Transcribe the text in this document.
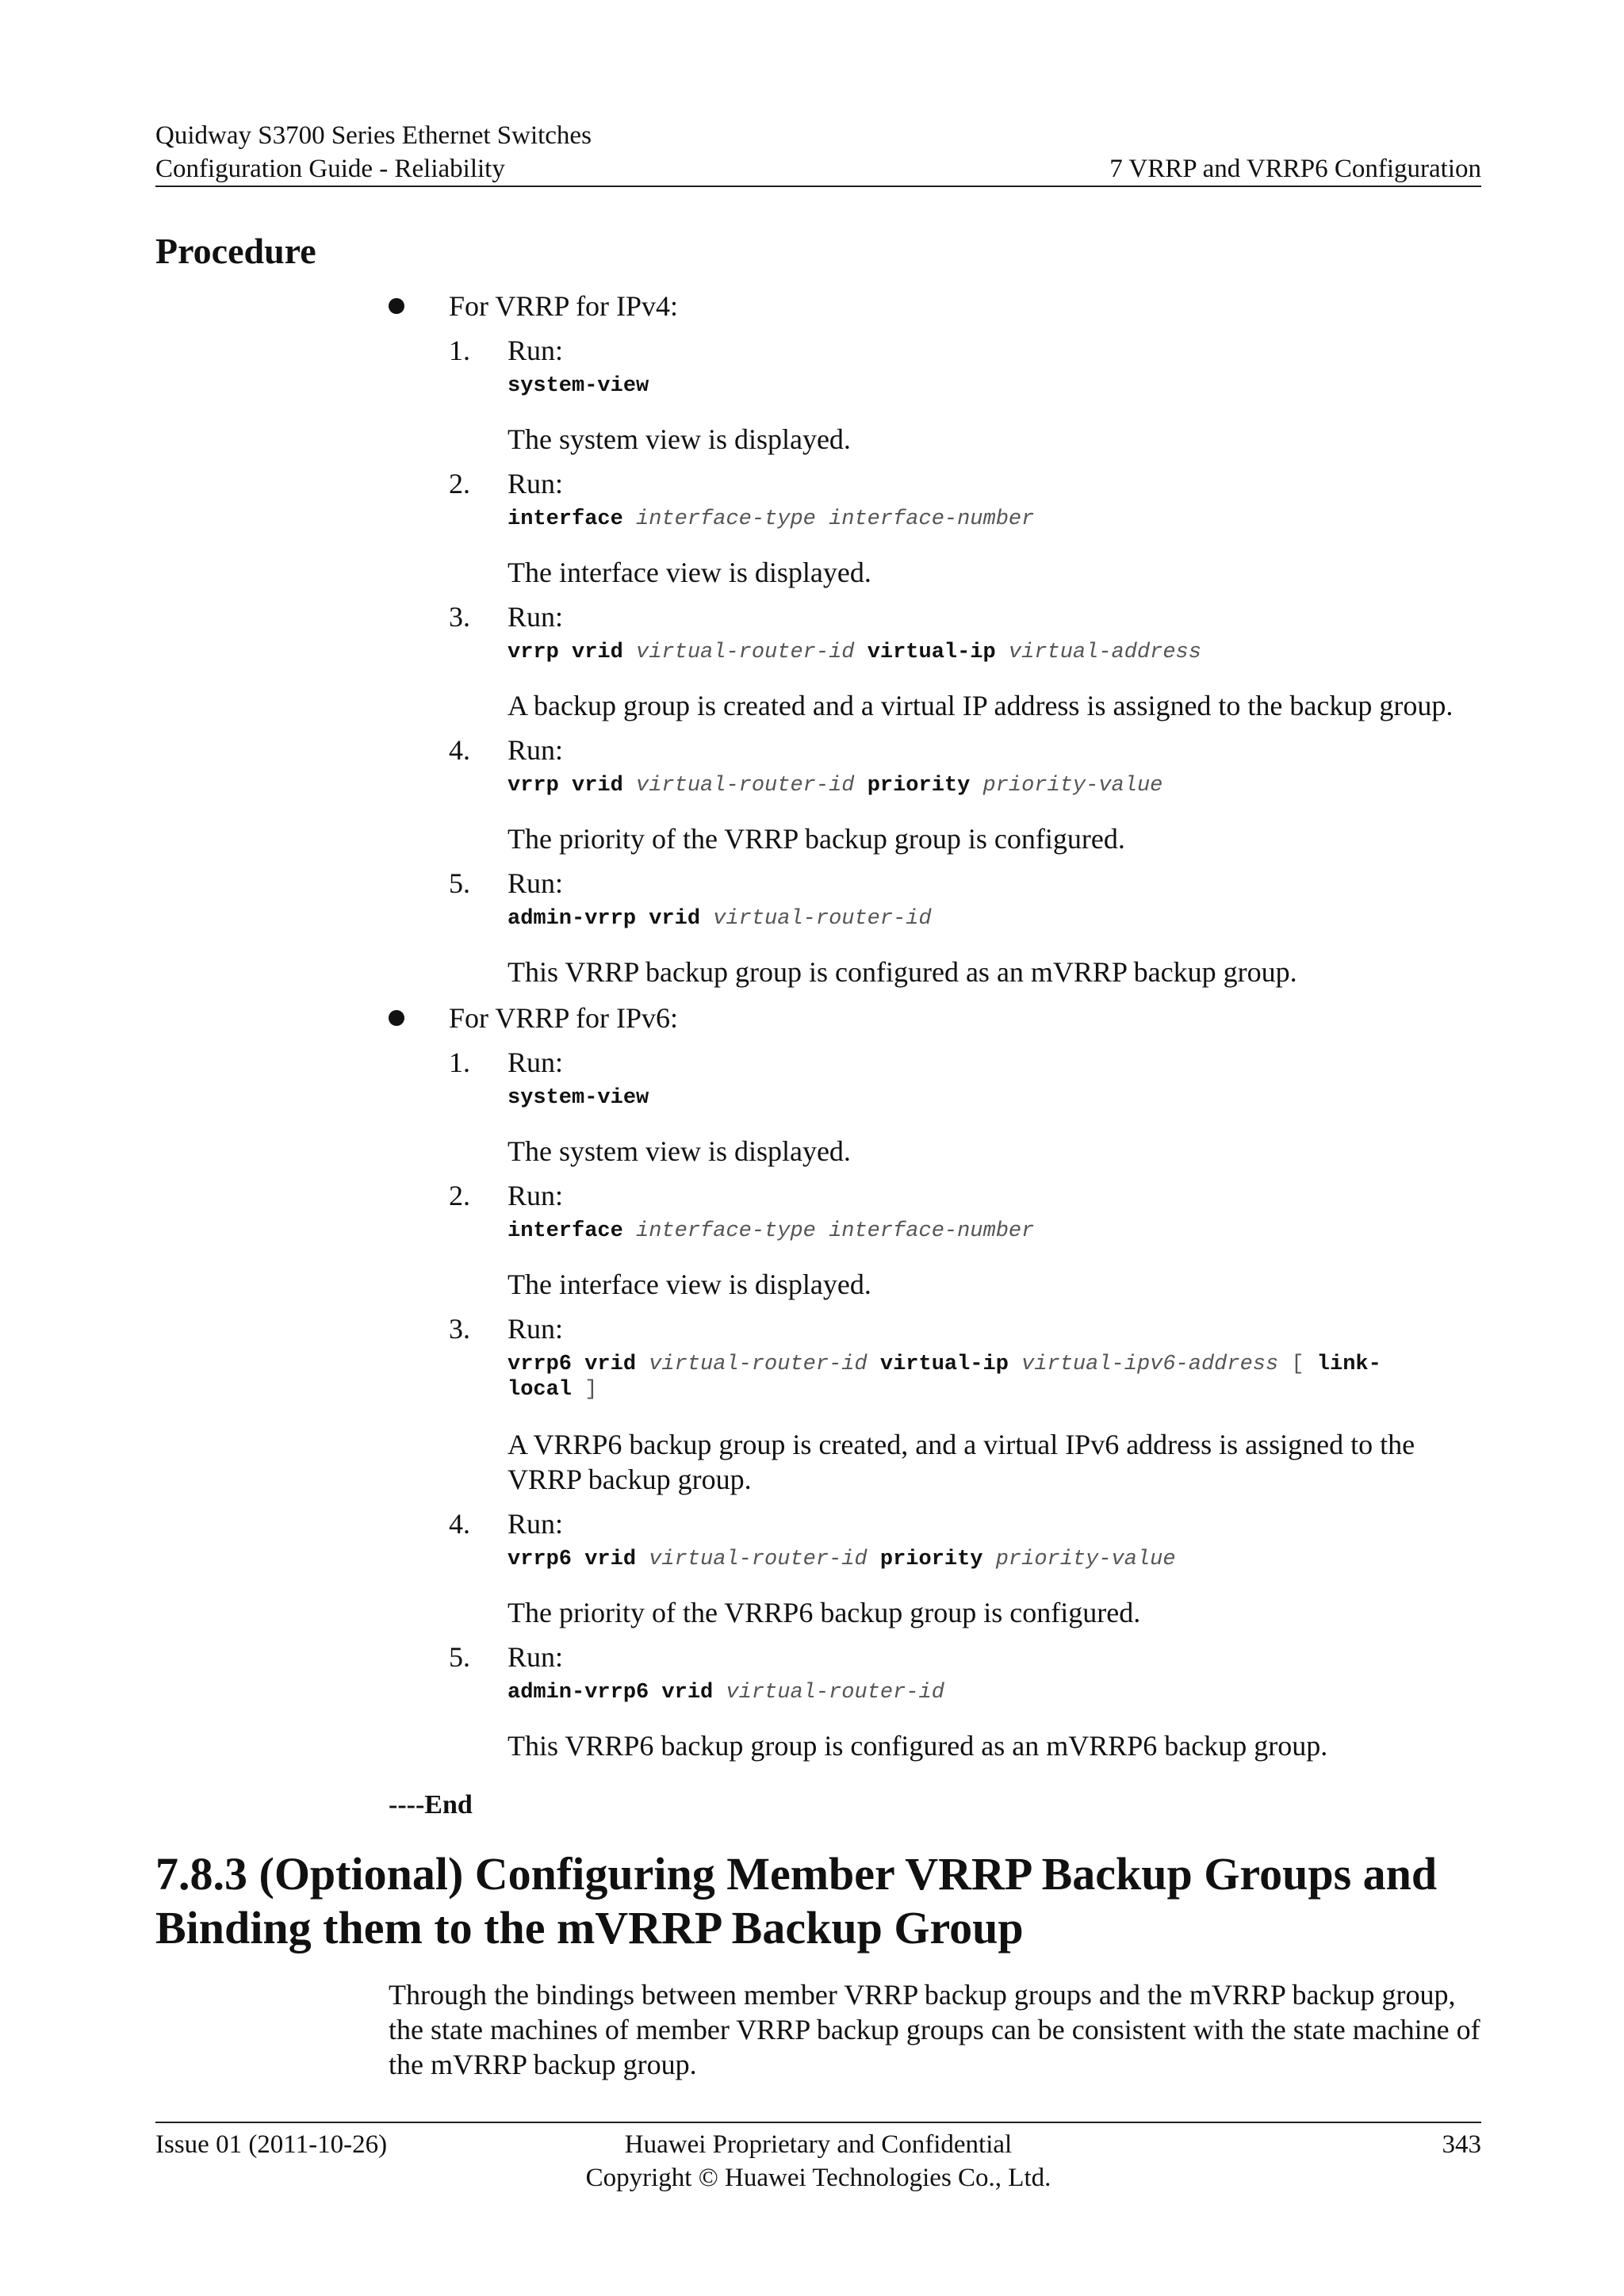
Quidway S3700 Series Ethernet Switches
Configuration Guide - Reliability	7 VRRP and VRRP6 Configuration
Procedure
For VRRP for IPv4:
1. Run:
system-view
The system view is displayed.
2. Run:
interface interface-type interface-number
The interface view is displayed.
3. Run:
vrrp vrid virtual-router-id virtual-ip virtual-address
A backup group is created and a virtual IP address is assigned to the backup group.
4. Run:
vrrp vrid virtual-router-id priority priority-value
The priority of the VRRP backup group is configured.
5. Run:
admin-vrrp vrid virtual-router-id
This VRRP backup group is configured as an mVRRP backup group.
For VRRP for IPv6:
1. Run:
system-view
The system view is displayed.
2. Run:
interface interface-type interface-number
The interface view is displayed.
3. Run:
vrrp6 vrid virtual-router-id virtual-ip virtual-ipv6-address [ link-
local ]
A VRRP6 backup group is created, and a virtual IPv6 address is assigned to the VRRP backup group.
4. Run:
vrrp6 vrid virtual-router-id priority priority-value
The priority of the VRRP6 backup group is configured.
5. Run:
admin-vrrp6 vrid virtual-router-id
This VRRP6 backup group is configured as an mVRRP6 backup group.
----End
7.8.3 (Optional) Configuring Member VRRP Backup Groups and Binding them to the mVRRP Backup Group
Through the bindings between member VRRP backup groups and the mVRRP backup group, the state machines of member VRRP backup groups can be consistent with the state machine of the mVRRP backup group.
Issue 01 (2011-10-26)	Huawei Proprietary and Confidential
Copyright © Huawei Technologies Co., Ltd.
343
